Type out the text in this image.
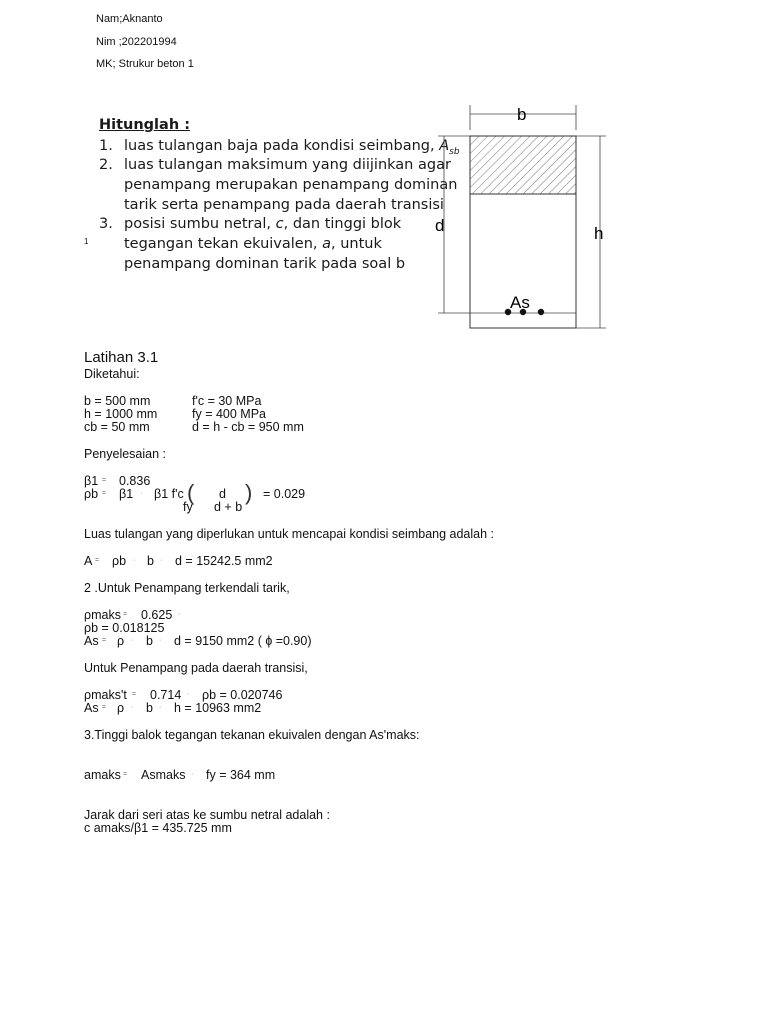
Nam;Aknanto
Nim ;202201994
MK; Strukur beton 1
Hitunglah :
1. luas tulangan baja pada kondisi seimbang, $A_{sb}$
2. luas tulangan maksimum yang diijinkan agar
penampang merupakan penampang dominan
tarik serta penampang pada daerah transisi
3. posisi sumbu netral, c, dan tinggi blok
tegangan tekan ekuivalen, a, untuk
penampang dominan tarik pada soal b
1
b
d	h
As
Latihan 3.1
Diketahui:
b = 500 mm
h = 1000 mm
cb = 50 mm
f'c = 30 MPa
fy = 400 MPa
d = h - cb = 950 mm
Penyelesaian :
β1 = 0.836
ρb = β1 · β1 f'c
fy
( d
d + b
) = 0.029
Luas tulangan yang diperlukan untuk mencapai kondisi seimbang adalah :
A = ρb · b · d = 15242.5 mm2
2 .Untuk Penampang terkendali tarik,
ρmaks = 0.625 ·
ρb = 0.018125
As = ρ · b · d = 9150 mm2 ( ɸ =0.90)
Untuk Penampang pada daerah transisi,
ρmaks't = 0.714 · ρb = 0.020746
As = ρ · b · h = 10963 mm2
3.Tinggi balok tegangan tekanan ekuivalen dengan As'maks:
amaks = Asmaks · fy = 364 mm
Jarak dari seri atas ke sumbu netral adalah :
c amaks/β1 = 435.725 mm
